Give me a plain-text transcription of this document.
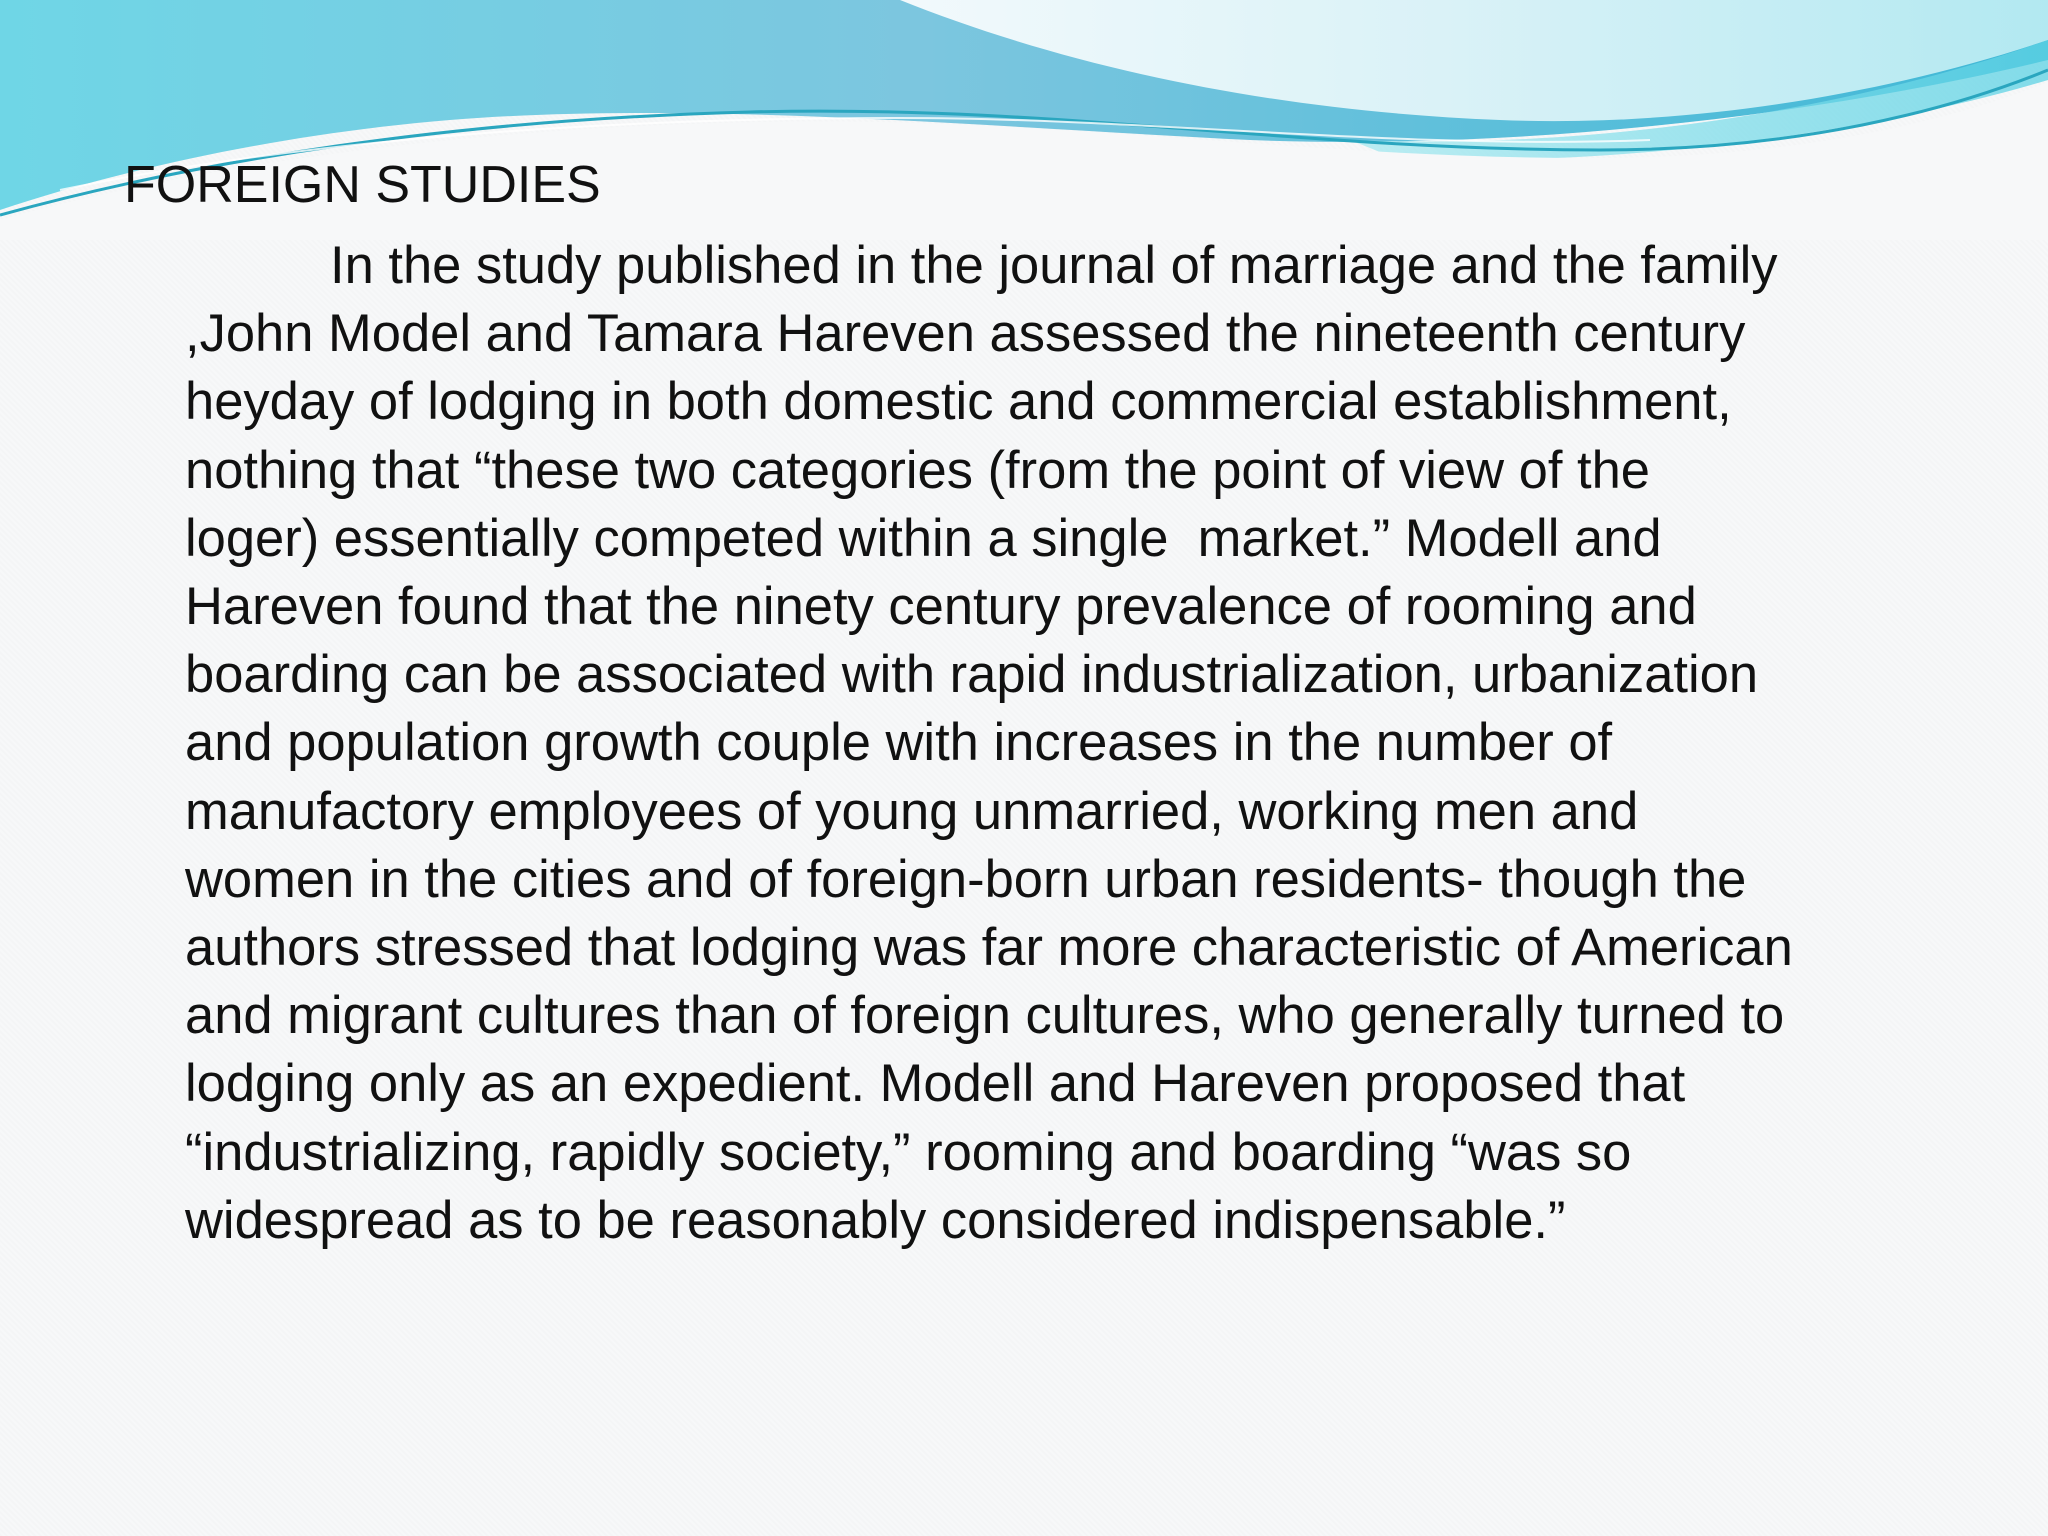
FOREIGN STUDIES
In the study published in the journal of marriage and the family
,John Model and Tamara Hareven assessed the nineteenth century
heyday of lodging in both domestic and commercial establishment,
nothing that “these two categories (from the point of view of the
loger) essentially competed within a single  market.” Modell and
Hareven found that the ninety century prevalence of rooming and
boarding can be associated with rapid industrialization, urbanization
and population growth couple with increases in the number of
manufactory employees of young unmarried, working men and
women in the cities and of foreign-born urban residents- though the
authors stressed that lodging was far more characteristic of American
and migrant cultures than of foreign cultures, who generally turned to
lodging only as an expedient. Modell and Hareven proposed that
“industrializing, rapidly society,” rooming and boarding “was so
widespread as to be reasonably considered indispensable.”
